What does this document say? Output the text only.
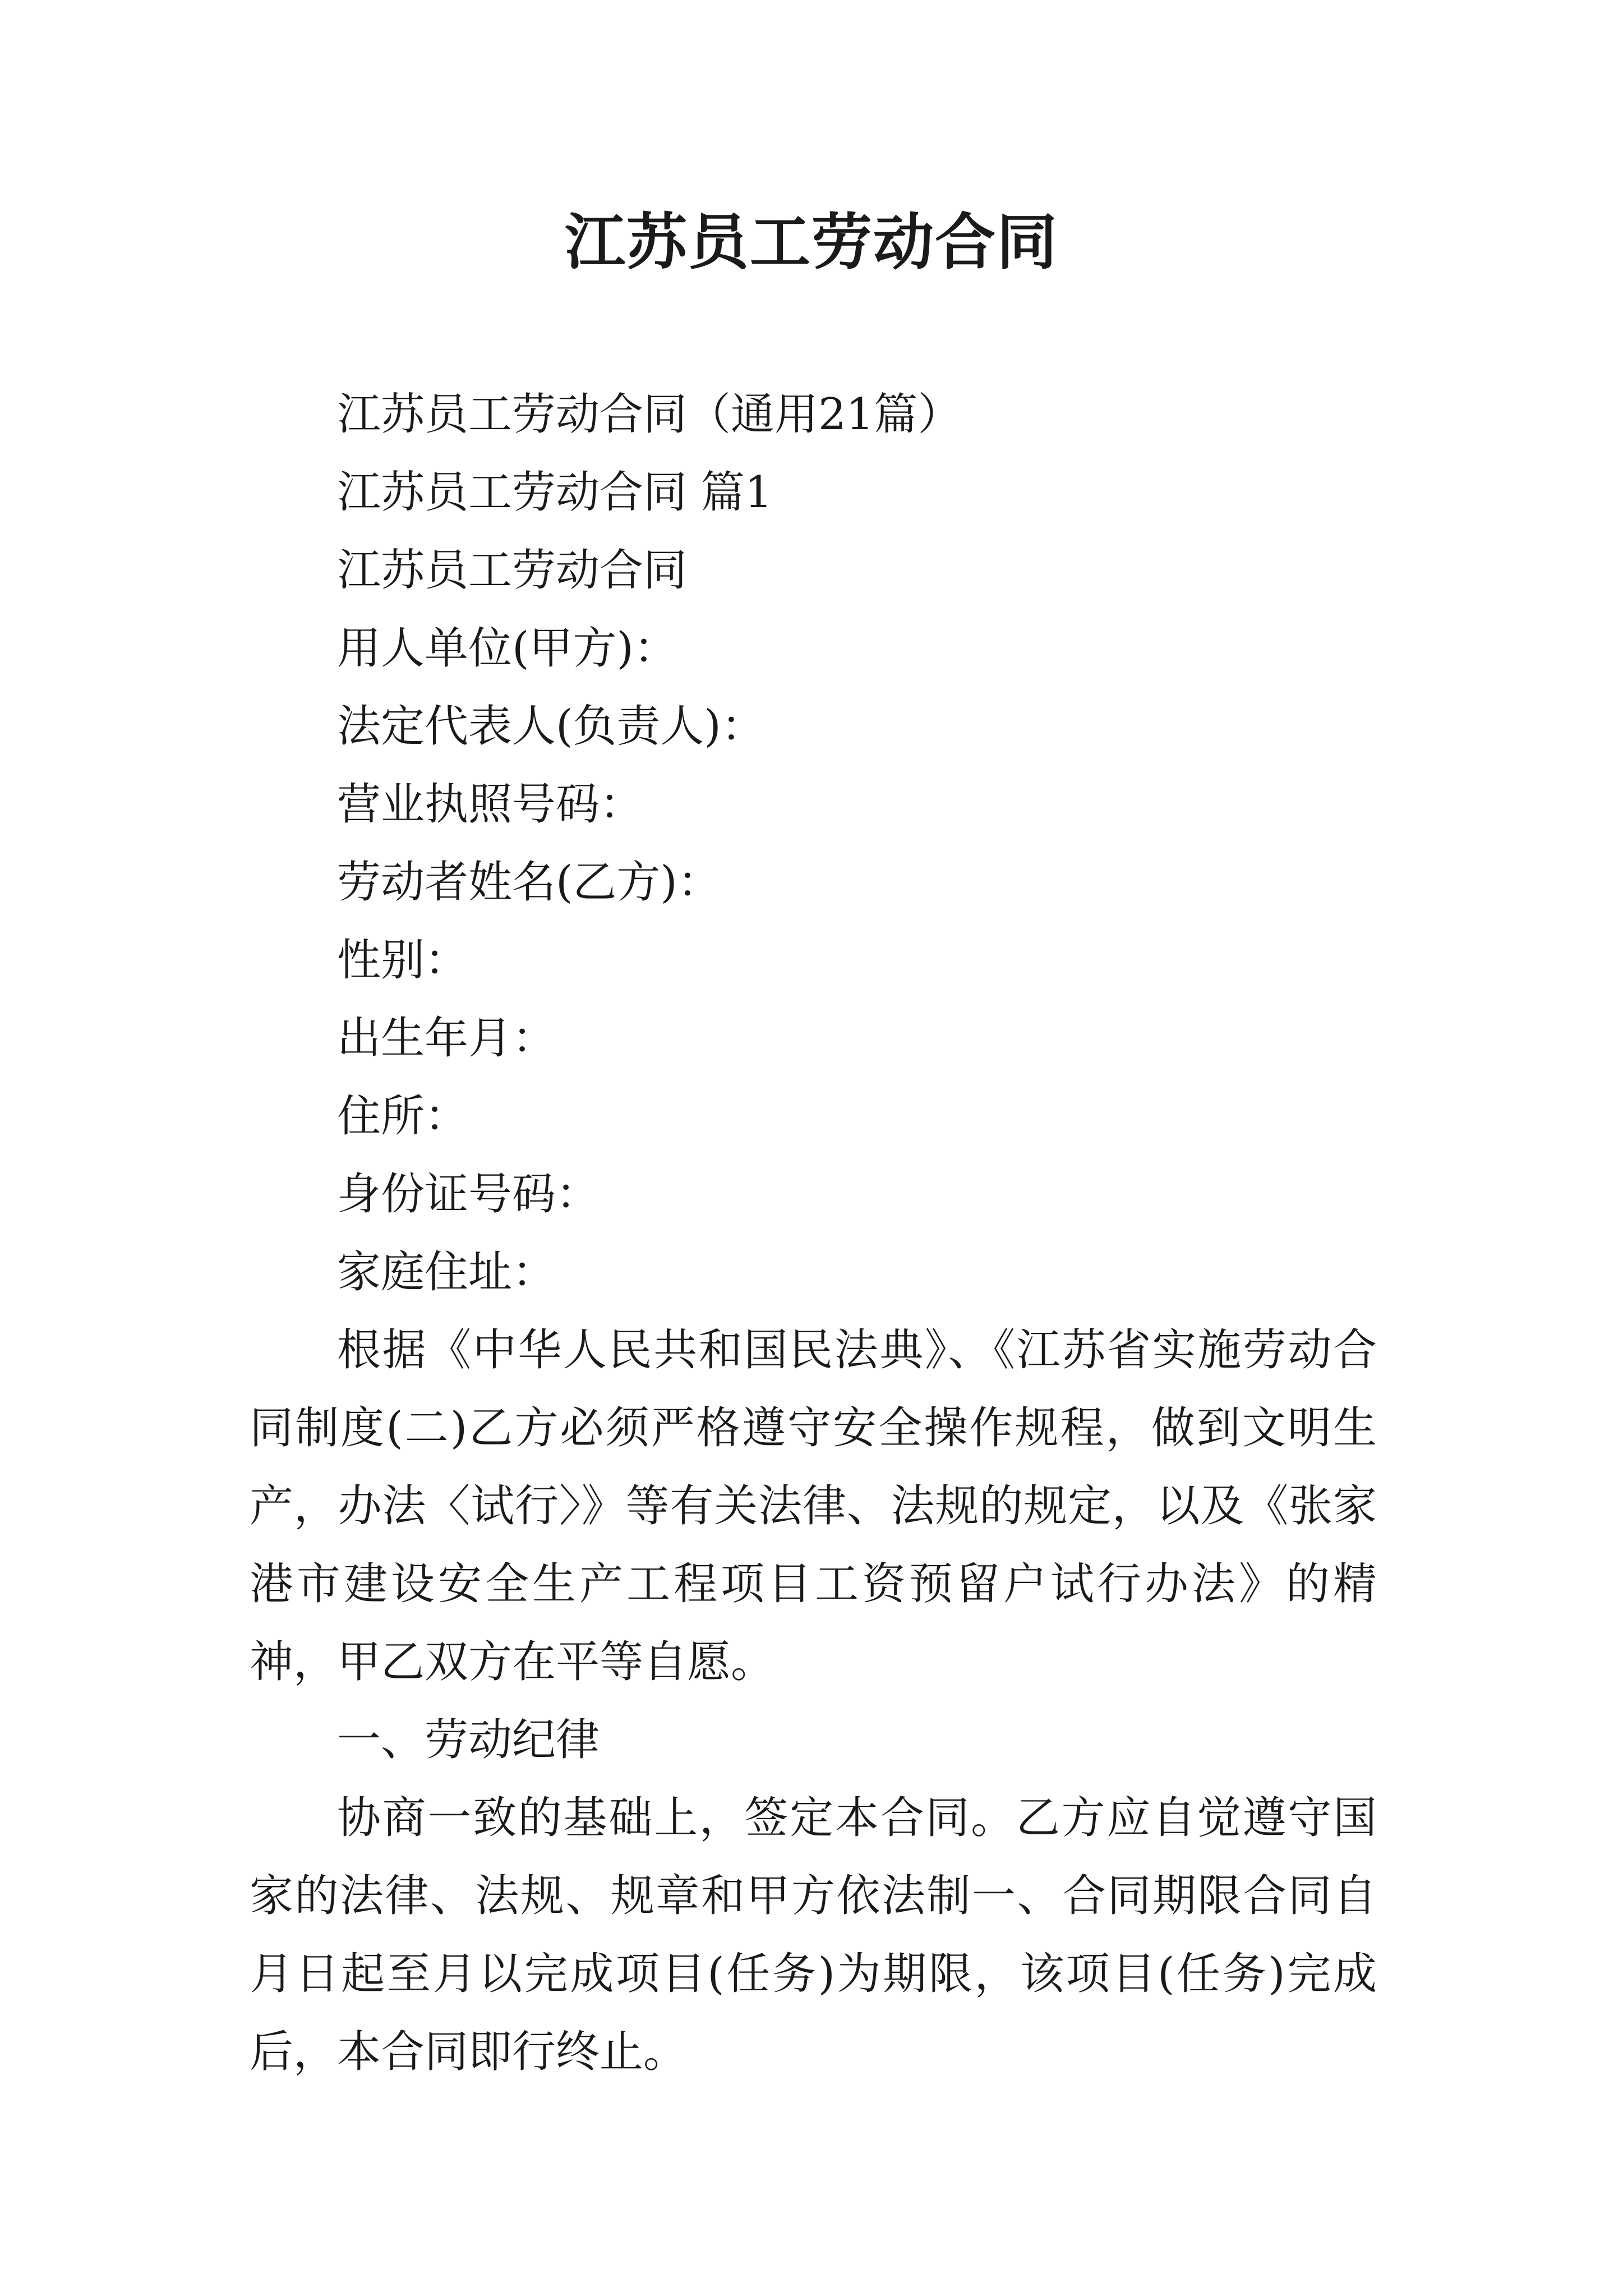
江苏员工劳动合同

江苏员工劳动合同（通用21篇）

江苏员工劳动合同 篇1

江苏员工劳动合同

用人单位(甲方)：

法定代表人(负责人)：

营业执照号码：

劳动者姓名(乙方)：

性别：

出生年月：

住所：

身份证号码：

家庭住址：

根据《中华人民共和国民法典》、《江苏省实施劳动合同制度(二)乙方必须严格遵守安全操作规程，做到文明生产，办法〈试行〉》等有关法律、法规的规定，以及《张家港市建设安全生产工程项目工资预留户试行办法》的精神，甲乙双方在平等自愿。

一、劳动纪律

协商一致的基础上，签定本合同。乙方应自觉遵守国家的法律、法规、规章和甲方依法制一、合同期限合同自月日起至月以完成项目(任务)为期限，该项目(任务)完成后，本合同即行终止。
